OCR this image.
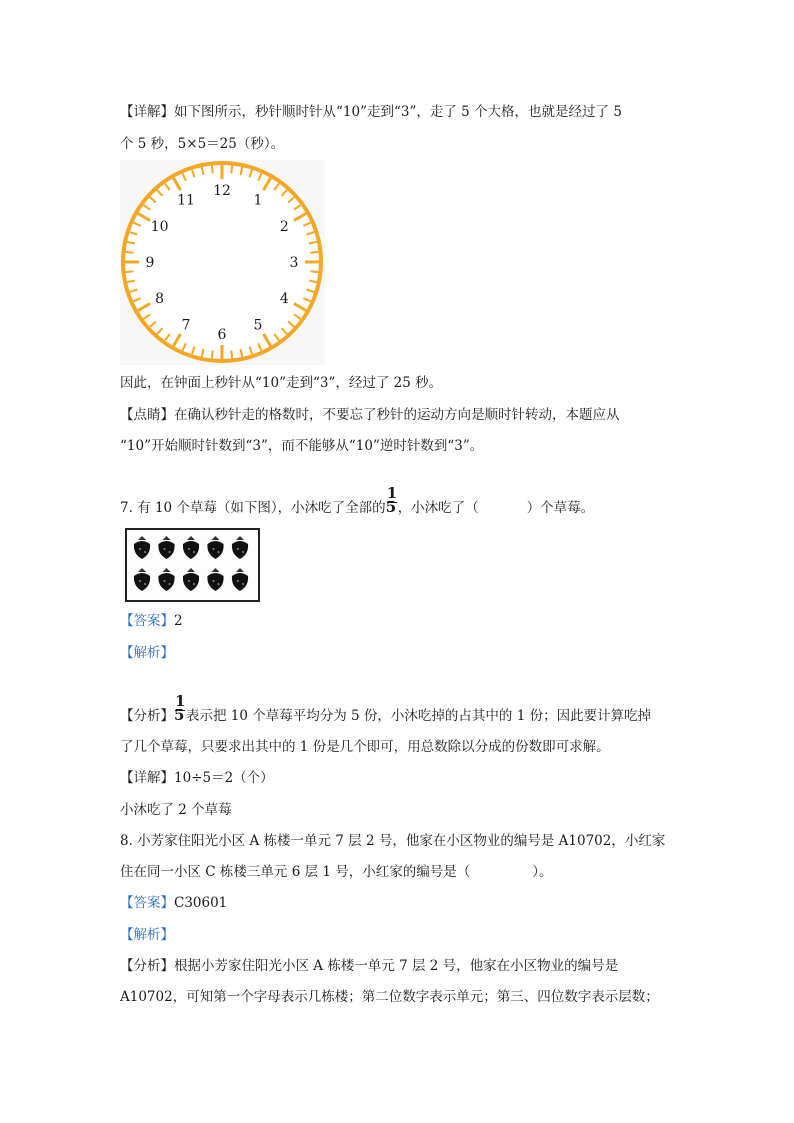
【详解】如下图所示，秒针顺时针从“10”走到“3”，走了 5 个大格，也就是经过了 5
个 5 秒，5×5＝25（秒）。
12
1
2
3
4
5
6
7
8
9
10
11
因此，在钟面上秒针从“10”走到“3”，经过了 25 秒。
【点睛】在确认秒针走的格数时，不要忘了秒针的运动方向是顺时针转动，本题应从
“10”开始顺时针数到“3”，而不能够从“10”逆时针数到“3”。
7. 有 10 个草莓（如下图），小沐吃了全部的 $\frac{1}{5}$，小沐吃了（	）个草莓。
【答案】2
【解析】
【分析】 $\frac{1}{5}$表示把 10 个草莓平均分为 5 份，小沐吃掉的占其中的 1 份；因此要计算吃掉
了几个草莓，只要求出其中的 1 份是几个即可，用总数除以分成的份数即可求解。
【详解】10÷5＝2（个）
小沐吃了 2 个草莓
8. 小芳家住阳光小区 A 栋楼一单元 7 层 2 号，他家在小区物业的编号是 A10702，小红家
住在同一小区 C 栋楼三单元 6 层 1 号，小红家的编号是（	）。
【答案】C30601
【解析】
【分析】根据小芳家住阳光小区 A 栋楼一单元 7 层 2 号，他家在小区物业的编号是
A10702，可知第一个字母表示几栋楼；第二位数字表示单元；第三、四位数字表示层数；
